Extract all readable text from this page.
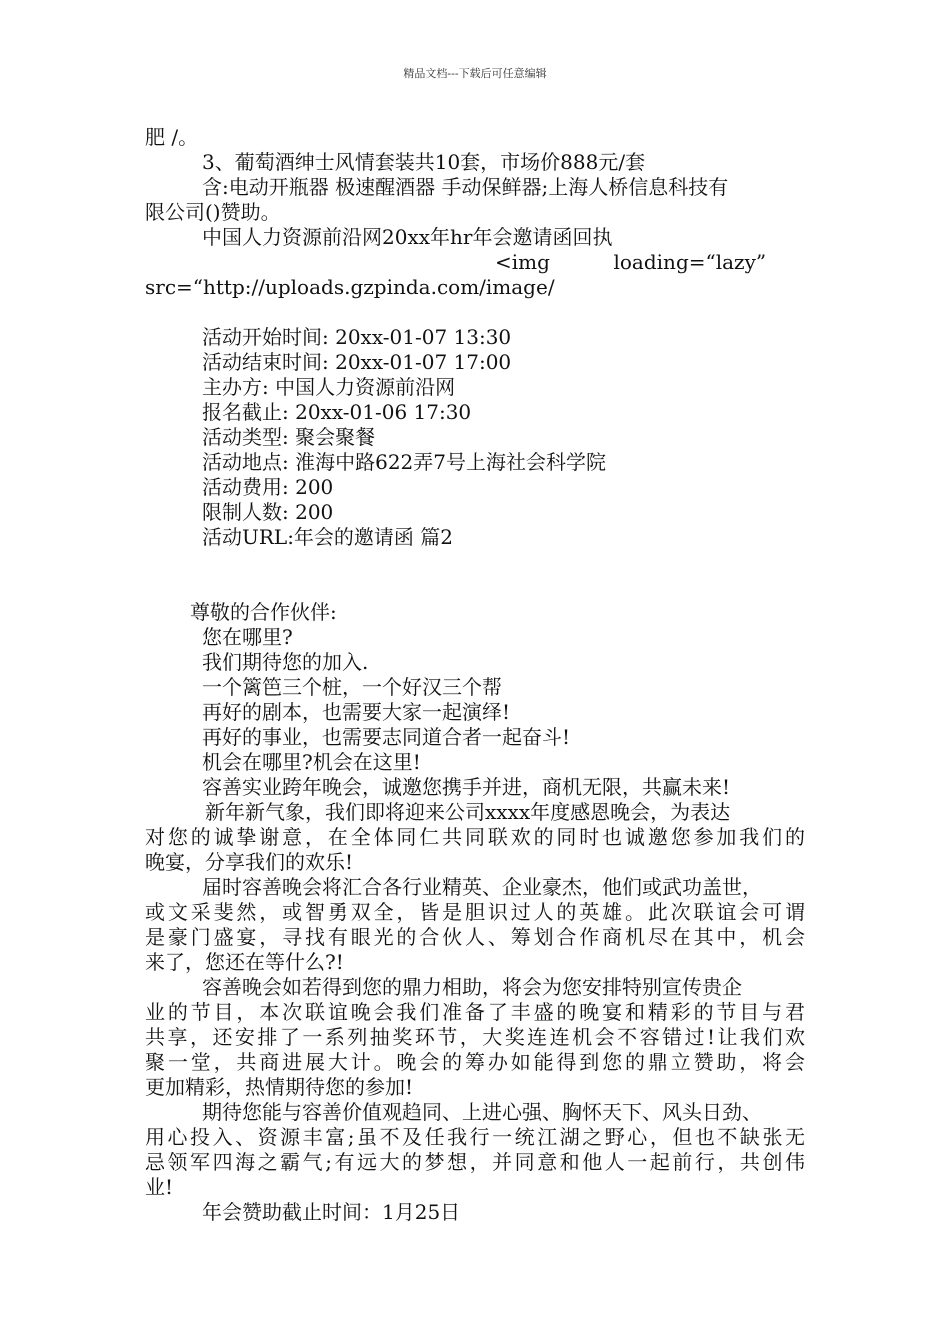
精品文档---下载后可任意编辑
肥 /。
3、葡萄酒绅士风情套装共10套，市场价888元/套
含:电动开瓶器 极速醒酒器 手动保鲜器;上海人桥信息科技有
限公司()赞助。
中国人力资源前沿网20xx年hr年会邀请函回执
<img          loading=“lazy”
src=“http://uploads.gzpinda.com/image/
活动开始时间: 20xx-01-07 13:30
活动结束时间: 20xx-01-07 17:00
主办方: 中国人力资源前沿网
报名截止: 20xx-01-06 17:30
活动类型: 聚会聚餐
活动地点: 淮海中路622弄7号上海社会科学院
活动费用: 200
限制人数: 200
活动URL:年会的邀请函 篇2
尊敬的合作伙伴:
您在哪里?
我们期待您的加入.
一个篱笆三个桩，一个好汉三个帮
再好的剧本，也需要大家一起演绎!
再好的事业，也需要志同道合者一起奋斗!
机会在哪里?机会在这里!
容善实业跨年晚会，诚邀您携手并进，商机无限，共赢未来!
新年新气象，我们即将迎来公司xxxx年度感恩晚会，为表达
对您的诚挚谢意，在全体同仁共同联欢的同时也诚邀您参加我们的
晚宴，分享我们的欢乐!
届时容善晚会将汇合各行业精英、企业豪杰，他们或武功盖世，
或文采斐然，或智勇双全，皆是胆识过人的英雄。此次联谊会可谓
是豪门盛宴，寻找有眼光的合伙人、筹划合作商机尽在其中，机会
来了，您还在等什么?!
容善晚会如若得到您的鼎力相助，将会为您安排特别宣传贵企
业的节目，本次联谊晚会我们准备了丰盛的晚宴和精彩的节目与君
共享，还安排了一系列抽奖环节，大奖连连机会不容错过!让我们欢
聚一堂，共商进展大计。晚会的筹办如能得到您的鼎立赞助，将会
更加精彩，热情期待您的参加!
期待您能与容善价值观趋同、上进心强、胸怀天下、风头日劲、
用心投入、资源丰富;虽不及任我行一统江湖之野心，但也不缺张无
忌领军四海之霸气;有远大的梦想，并同意和他人一起前行，共创伟
业!
年会赞助截止时间：1月25日
